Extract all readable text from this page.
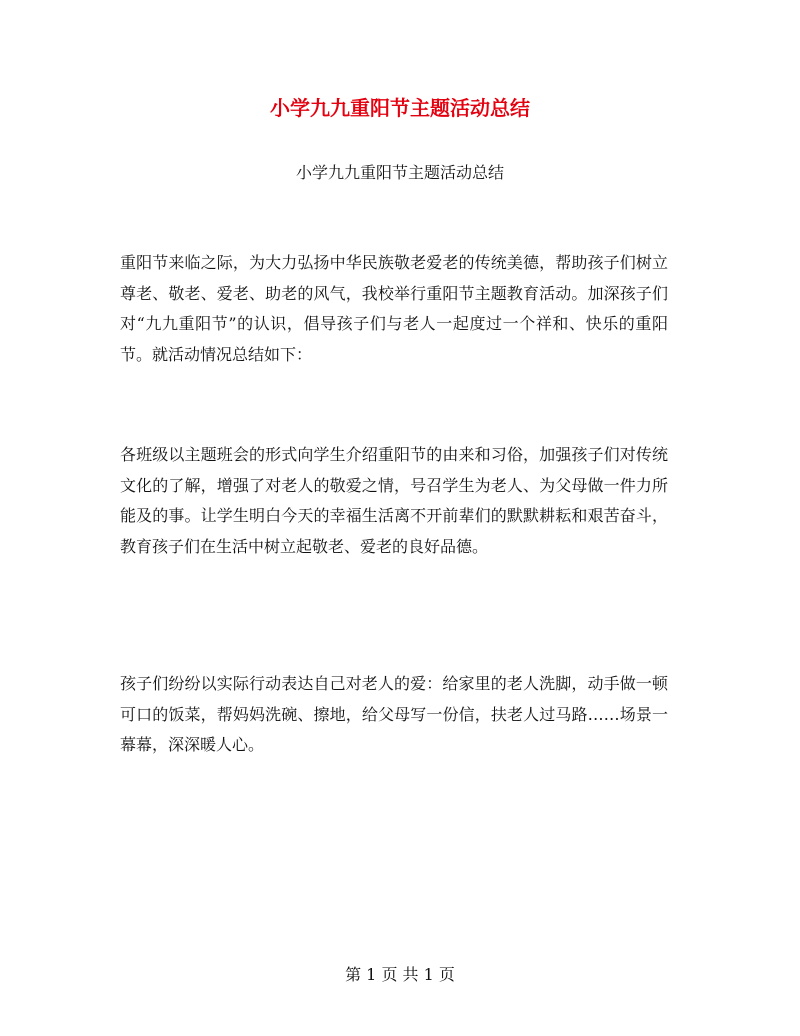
小学九九重阳节主题活动总结

小学九九重阳节主题活动总结

重阳节来临之际，为大力弘扬中华民族敬老爱老的传统美德，帮助孩子们树立尊老、敬老、爱老、助老的风气，我校举行重阳节主题教育活动。加深孩子们对“九九重阳节”的认识，倡导孩子们与老人一起度过一个祥和、快乐的重阳节。就活动情况总结如下：

各班级以主题班会的形式向学生介绍重阳节的由来和习俗，加强孩子们对传统文化的了解，增强了对老人的敬爱之情，号召学生为老人、为父母做一件力所能及的事。让学生明白今天的幸福生活离不开前辈们的默默耕耘和艰苦奋斗，教育孩子们在生活中树立起敬老、爱老的良好品德。

孩子们纷纷以实际行动表达自己对老人的爱：给家里的老人洗脚，动手做一顿可口的饭菜，帮妈妈洗碗、擦地，给父母写一份信，扶老人过马路……场景一幕幕，深深暖人心。

第 1 页 共 1 页
